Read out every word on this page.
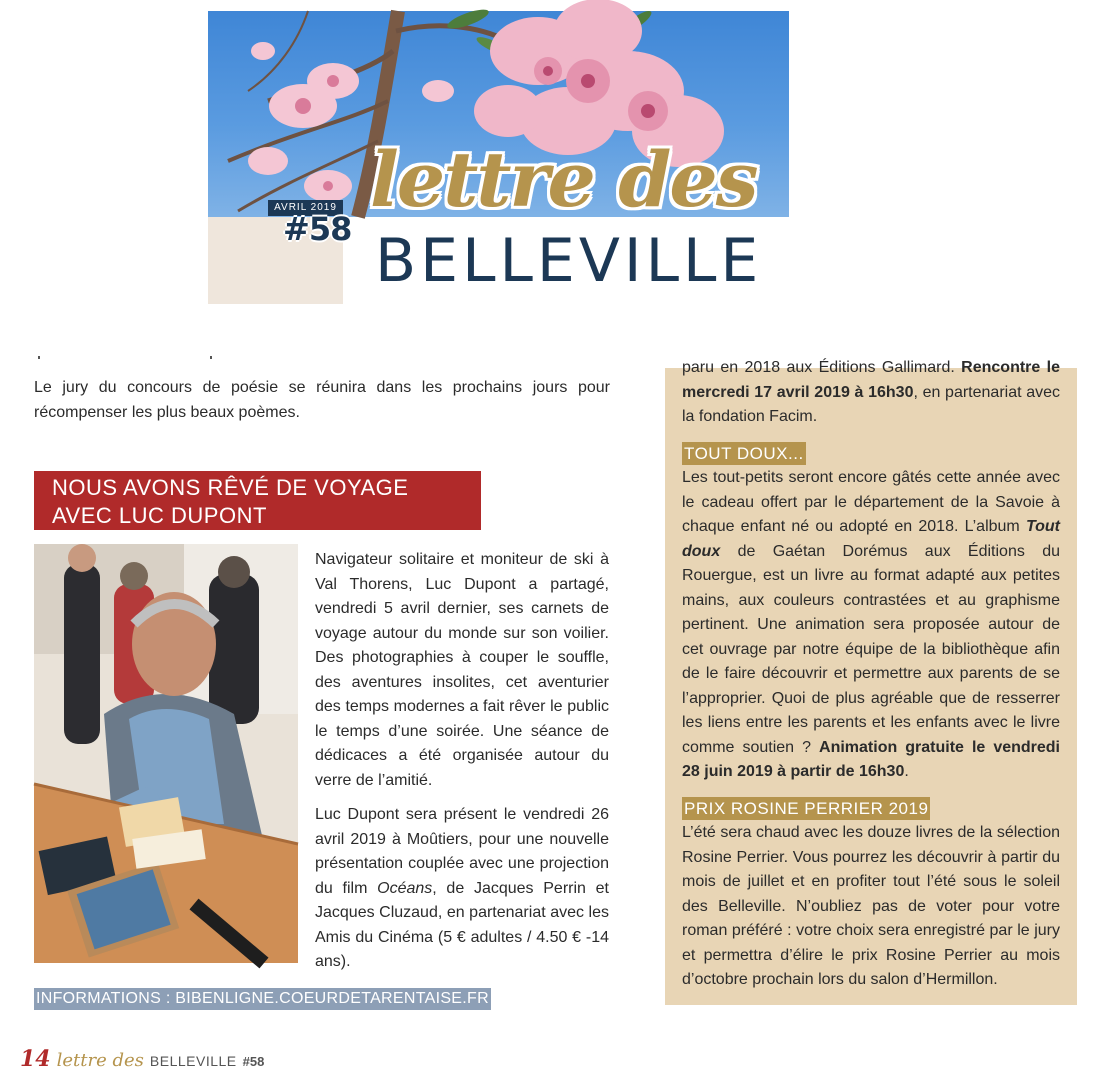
AVRIL 2019
#58
lettre des
BELLEVILLE

Le jury du concours de poésie se réunira dans les prochains jours pour récompenser les plus beaux poèmes.

NOUS AVONS RÊVÉ DE VOYAGE
AVEC LUC DUPONT

Navigateur solitaire et moniteur de ski à Val Thorens, Luc Dupont a partagé, vendredi 5 avril dernier, ses carnets de voyage autour du monde sur son voilier. Des photographies à couper le souffle, des aventures insolites, cet aventurier des temps modernes a fait rêver le public le temps d’une soirée. Une séance de dédicaces a été organisée autour du verre de l’amitié.

Luc Dupont sera présent le vendredi 26 avril 2019 à Moûtiers, pour une nouvelle présentation couplée avec une projection du film Océans, de Jacques Perrin et Jacques Cluzaud, en partenariat avec les Amis du Cinéma (5 € adultes / 4.50 € -14 ans).

INFORMATIONS : BIBENLIGNE.COEURDETARENTAISE.FR

paru en 2018 aux Éditions Gallimard. Rencontre le mercredi 17 avril 2019 à 16h30, en partenariat avec la fondation Facim.

TOUT DOUX...

Les tout-petits seront encore gâtés cette année avec le cadeau offert par le département de la Savoie à chaque enfant né ou adopté en 2018. L’album Tout doux de Gaétan Dorémus aux Éditions du Rouergue, est un livre au format adapté aux petites mains, aux couleurs contrastées et au graphisme pertinent. Une animation sera proposée autour de cet ouvrage par notre équipe de la bibliothèque afin de le faire découvrir et permettre aux parents de se l’approprier. Quoi de plus agréable que de resserrer les liens entre les parents et les enfants avec le livre comme soutien ? Animation gratuite le vendredi 28 juin 2019 à partir de 16h30.

PRIX ROSINE PERRIER 2019

L’été sera chaud avec les douze livres de la sélection Rosine Perrier. Vous pourrez les découvrir à partir du mois de juillet et en profiter tout l’été sous le soleil des Belleville. N’oubliez pas de voter pour votre roman préféré : votre choix sera enregistré par le jury et permettra d’élire le prix Rosine Perrier au mois d’octobre prochain lors du salon d’Hermillon.

14 lettre des BELLEVILLE #58
